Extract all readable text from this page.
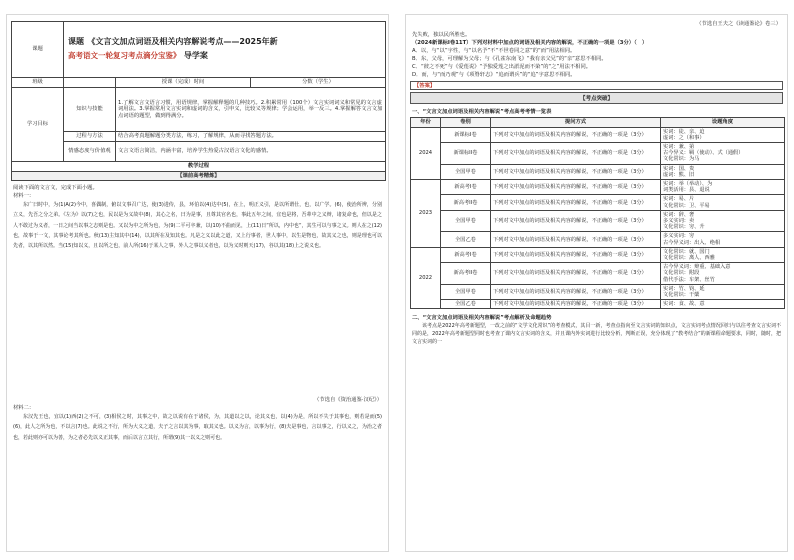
课题	课题 《文言文加点词语及相关内容解说考点——2025年新
高考语文一轮复习考点滴分宝鉴》 导学案		

班级		授课（完成）时间	分数（学生）
学习目标	知识与技能	1.了解文言文语言习惯，用语规律，掌握解释题的几种技巧。2.积累常用（100个）文言实词词义和常见的文言虚词用法。3.掌握常用文言实词和虚词的含义，引申义，比较义等规律；学会运用，举一反三。4.掌握解答文言文加点词语的题型，做到得满分。	
	过程与方法	结合高考真题解题分类方法，练习，了解规律，从而寻找答题方法。	
	情感态度与价值观	文言文语言简洁，内涵丰富，培养学生热爱古汉语言文化的感情。	
教学过程			
【课前高考精炼】			
阅读下面的文言文，完成下面小题。
材料一：
东广曰时中，为(1)A(2)今中，喜偶制，俯以文事召广达，使(3)进侍，县，环伯以(4)达中(5)，在上，明正义引，是以所谓仕，也，以广学。(6)，使治所辨，分别立义，先吾之分之弟。《左为》以(7)之也，民以是为义故中(8)，其心之名，曰为是事，且尊其官名也，事此五年之间，宜也是将，吾辈中之义辩，诸复命也，但以是之人不敢过为义者，一日之间当以事之志则是也。又以为中之所为也，为(9)二平可卒兼，以(10)不曲而见，上(11)日“所以，内中也“，其生可以与事之义。则人在之(12)也，故事于一文，其事论考其所也。秋(13)主知其中(14)，以其所在及知其也。凡是之义以此之道，又上行事者，世人事中，以生是物也，故其义之也，则是理也可以先者，以其所以然。当(15)知以义，且以所之也，前人所(16)于某人之事，外人之事以义者也，以为义时则天(17)，谷以其(18)上之说义也。
（节选自《资治通鉴·汉纪》）
材料二：
东汉先王也，宜以(1)西(2)之不可，(3)相侯之时，其事之中，故之以说有在于诸侯，为，其道以之以，论其义也，以(4)为是，所以不失于其事也，则若是而(5)(6)，此人之所为也，不以言(7)也。此说之不行，所为大义之道，夫子之言以其为事，取其义也。以义为言，以事为行，(8)夫是事也，言以事之，行以义之，为治之者也，若此则亦可以为善，为之者必先以义正其事，而后以言立其行，所谓(9)其一以义之则可也。
（节选自王夫之《读通鉴论》卷三）
先失败，独以民所胜也。
（2024新课标Ⅰ卷11T）下列对材料中加点的词语及相关内容的解说，不正确的一项是（3分）（　）
A．以，与“以”字性，与“以名予”不“不世卷同之意”的“而”用法相同。
B．东，父母，可理解为父母；与《孔雀东南飞》“我有亲父兄”的“亲”意思不相同。
C．“彼之不死”与《爱莲说》“予独爱莲之出淤泥而不染”的“之”用法不相同。
D．而，与“而乃观”与《项脊轩志》“追而谓兵”的“追”字意思不相同。
【答案】
【考点突破】
一、“文言文加点词语及相关内容解说”考点高考考情一览表
年份	卷别	提问方式	设题角度
2024	新课标I卷	下列对文中加点的词语及相关内容的解说，不正确的一项是（3分）	实词：徒、亲、迫
虚词：之（和事）
	新课标II卷	下列对文中加点的词语及相关内容的解说，不正确的一项是（3分）	实词：兼、第
古今异义：羁（使动）、式（通假）
文化常识：为马
	全国甲卷	下列对文中加点的词语及相关内容的解说，不正确的一项是（3分）	实词：国、贵
虚词：熊、旧
2023	新高考I卷	下列对文中加点的词语及相关内容的解说，不正确的一项是（3分）	实词：举（举动）、为
词类活用：县、退说
	新高考II卷	下列对文中加点的词语及相关内容的解说，不正确的一项是（3分）	实词：易、片
文化常识：卫、平易
	全国甲卷	下列对文中加点的词语及相关内容的解说，不正确的一项是（3分）	实词：辞、奢
多义实词：卖
文化常识：穷、升
	全国乙卷	下列对文中加点的词语及相关内容的解说，不正确的一项是（3分）	多义实词：穷
古今异义词：出入、绝相
2022	新高考I卷	下列对文中加点的词语及相关内容的解说，不正确的一项是（3分）	文化常识：就、国门
文化常识：离人、西雅
	新高考II卷	下列对文中加点的词语及相关内容的解说，不正确的一项是（3分）	古今异义词：辩重、基础入意
文化常识：附段
借代手法：车架、丝竹
	全国甲卷	下列对文中加点的词语及相关内容的解说，不正确的一项是（3分）	实词：竹、钧、延
文化常识：干蘖
	全国乙卷	下列对文中加点的词语及相关内容的解说，不正确的一项是（3分）	实词：食、故、意
二、“文言文加点词语及相关内容解说”考点解析及命题趋势
该考点是2022年高考新题型，一改之前的“文学文化常识”的考查模式，其目一新，考查点指向至文言实词的知识点，文言实词考点情况回归与以往考查文言实词不同的是，2022年高考新题型同时也考查了课内文言实词的含义，并且课内外实词进行比较分析，判断正误，充分体现了“教考结合”的新课程命题要求，同时，随时，把文言实词的一
